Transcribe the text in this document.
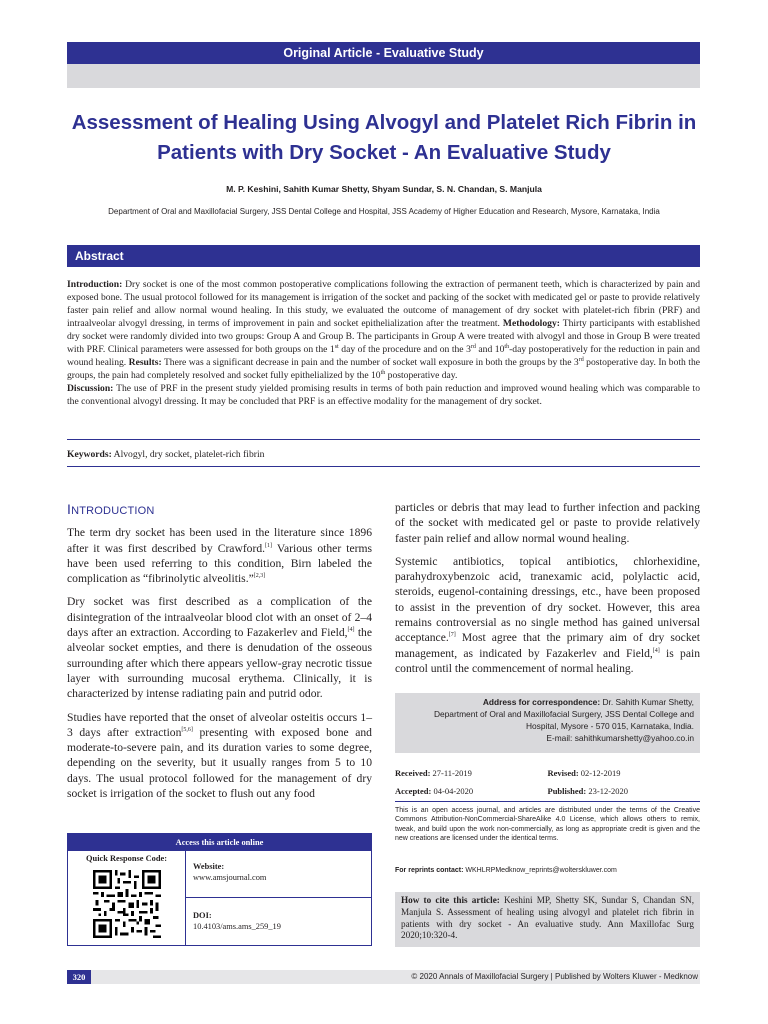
Original Article - Evaluative Study
Assessment of Healing Using Alvogyl and Platelet Rich Fibrin in
Patients with Dry Socket - An Evaluative Study
M. P. Keshini, Sahith Kumar Shetty, Shyam Sundar, S. N. Chandan, S. Manjula
Department of Oral and Maxillofacial Surgery, JSS Dental College and Hospital, JSS Academy of Higher Education and Research, Mysore, Karnataka, India
Abstract
Introduction: Dry socket is one of the most common postoperative complications following the extraction of permanent teeth, which is characterized by pain and exposed bone. The usual protocol followed for its management is irrigation of the socket and packing of the socket with medicated gel or paste to provide relatively faster pain relief and allow normal wound healing. In this study, we evaluated the outcome of management of dry socket with platelet-rich fibrin (PRF) and intraalveolar alvogyl dressing, in terms of improvement in pain and socket epithelialization after the treatment. Methodology: Thirty participants with established dry socket were randomly divided into two groups: Group A and Group B. The participants in Group A were treated with alvogyl and those in Group B were treated with PRF. Clinical parameters were assessed for both groups on the 1st day of the procedure and on the 3rd and 10th-day postoperatively for the reduction in pain and wound healing. Results: There was a significant decrease in pain and the number of socket wall exposure in both the groups by the 3rd postoperative day. In both the groups, the pain had completely resolved and socket fully epithelialized by the 10th postoperative day.
Discussion: The use of PRF in the present study yielded promising results in terms of both pain reduction and improved wound healing which was comparable to the conventional alvogyl dressing. It may be concluded that PRF is an effective modality for the management of dry socket.
Keywords: Alvogyl, dry socket, platelet-rich fibrin
INTRODUCTION

The term dry socket has been used in the literature since 1896 after it was first described by Crawford.[1] Various other terms have been used referring to this condition, Birn labeled the complication as “fibrinolytic alveolitis.”[2,3]

Dry socket was first described as a complication of the disintegration of the intraalveolar blood clot with an onset of 2–4 days after an extraction. According to Fazakerlev and Field,[4] the alveolar socket empties, and there is denudation of the osseous surrounding after which there appears yellow-gray necrotic tissue layer with surrounding mucosal erythema. Clinically, it is characterized by intense radiating pain and putrid odor.

Studies have reported that the onset of alveolar osteitis occurs 1–3 days after extraction[5,6] presenting with exposed bone and moderate-to-severe pain, and its duration varies to some degree, depending on the severity, but it usually ranges from 5 to 10 days. The usual protocol followed for the management of dry socket is irrigation of the socket to flush out any food

particles or debris that may lead to further infection and packing of the socket with medicated gel or paste to provide relatively faster pain relief and allow normal wound healing.

Systemic antibiotics, topical antibiotics, chlorhexidine, parahydroxybenzoic acid, tranexamic acid, polylactic acid, steroids, eugenol-containing dressings, etc., have been proposed to assist in the prevention of dry socket. However, this area remains controversial as no single method has gained universal acceptance.[7] Most agree that the primary aim of dry socket management, as indicated by Fazakerlev and Field,[4] is pain control until the commencement of normal healing.

Address for correspondence: Dr. Sahith Kumar Shetty,
Department of Oral and Maxillofacial Surgery, JSS Dental College and
Hospital, Mysore - 570 015, Karnataka, India.
E-mail: sahithkumarshetty@yahoo.co.in
Received: 27-11-2019	Revised: 02-12-2019
Accepted: 04-04-2020	Published: 23-12-2020
This is an open access journal, and articles are distributed under the terms of the Creative Commons Attribution-NonCommercial-ShareAlike 4.0 License, which allows others to remix, tweak, and build upon the work non-commercially, as long as appropriate credit is given and the new creations are licensed under the identical terms.
For reprints contact: WKHLRPMedknow_reprints@wolterskluwer.com
How to cite this article: Keshini MP, Shetty SK, Sundar S, Chandan SN, Manjula S. Assessment of healing using alvogyl and platelet rich fibrin in patients with dry socket - An evaluative study. Ann Maxillofac Surg 2020;10:320-4.
Access this article online
Quick Response Code:
Website:
www.amsjournal.com
DOI:
10.4103/ams.ams_259_19
320	© 2020 Annals of Maxillofacial Surgery | Published by Wolters Kluwer - Medknow
